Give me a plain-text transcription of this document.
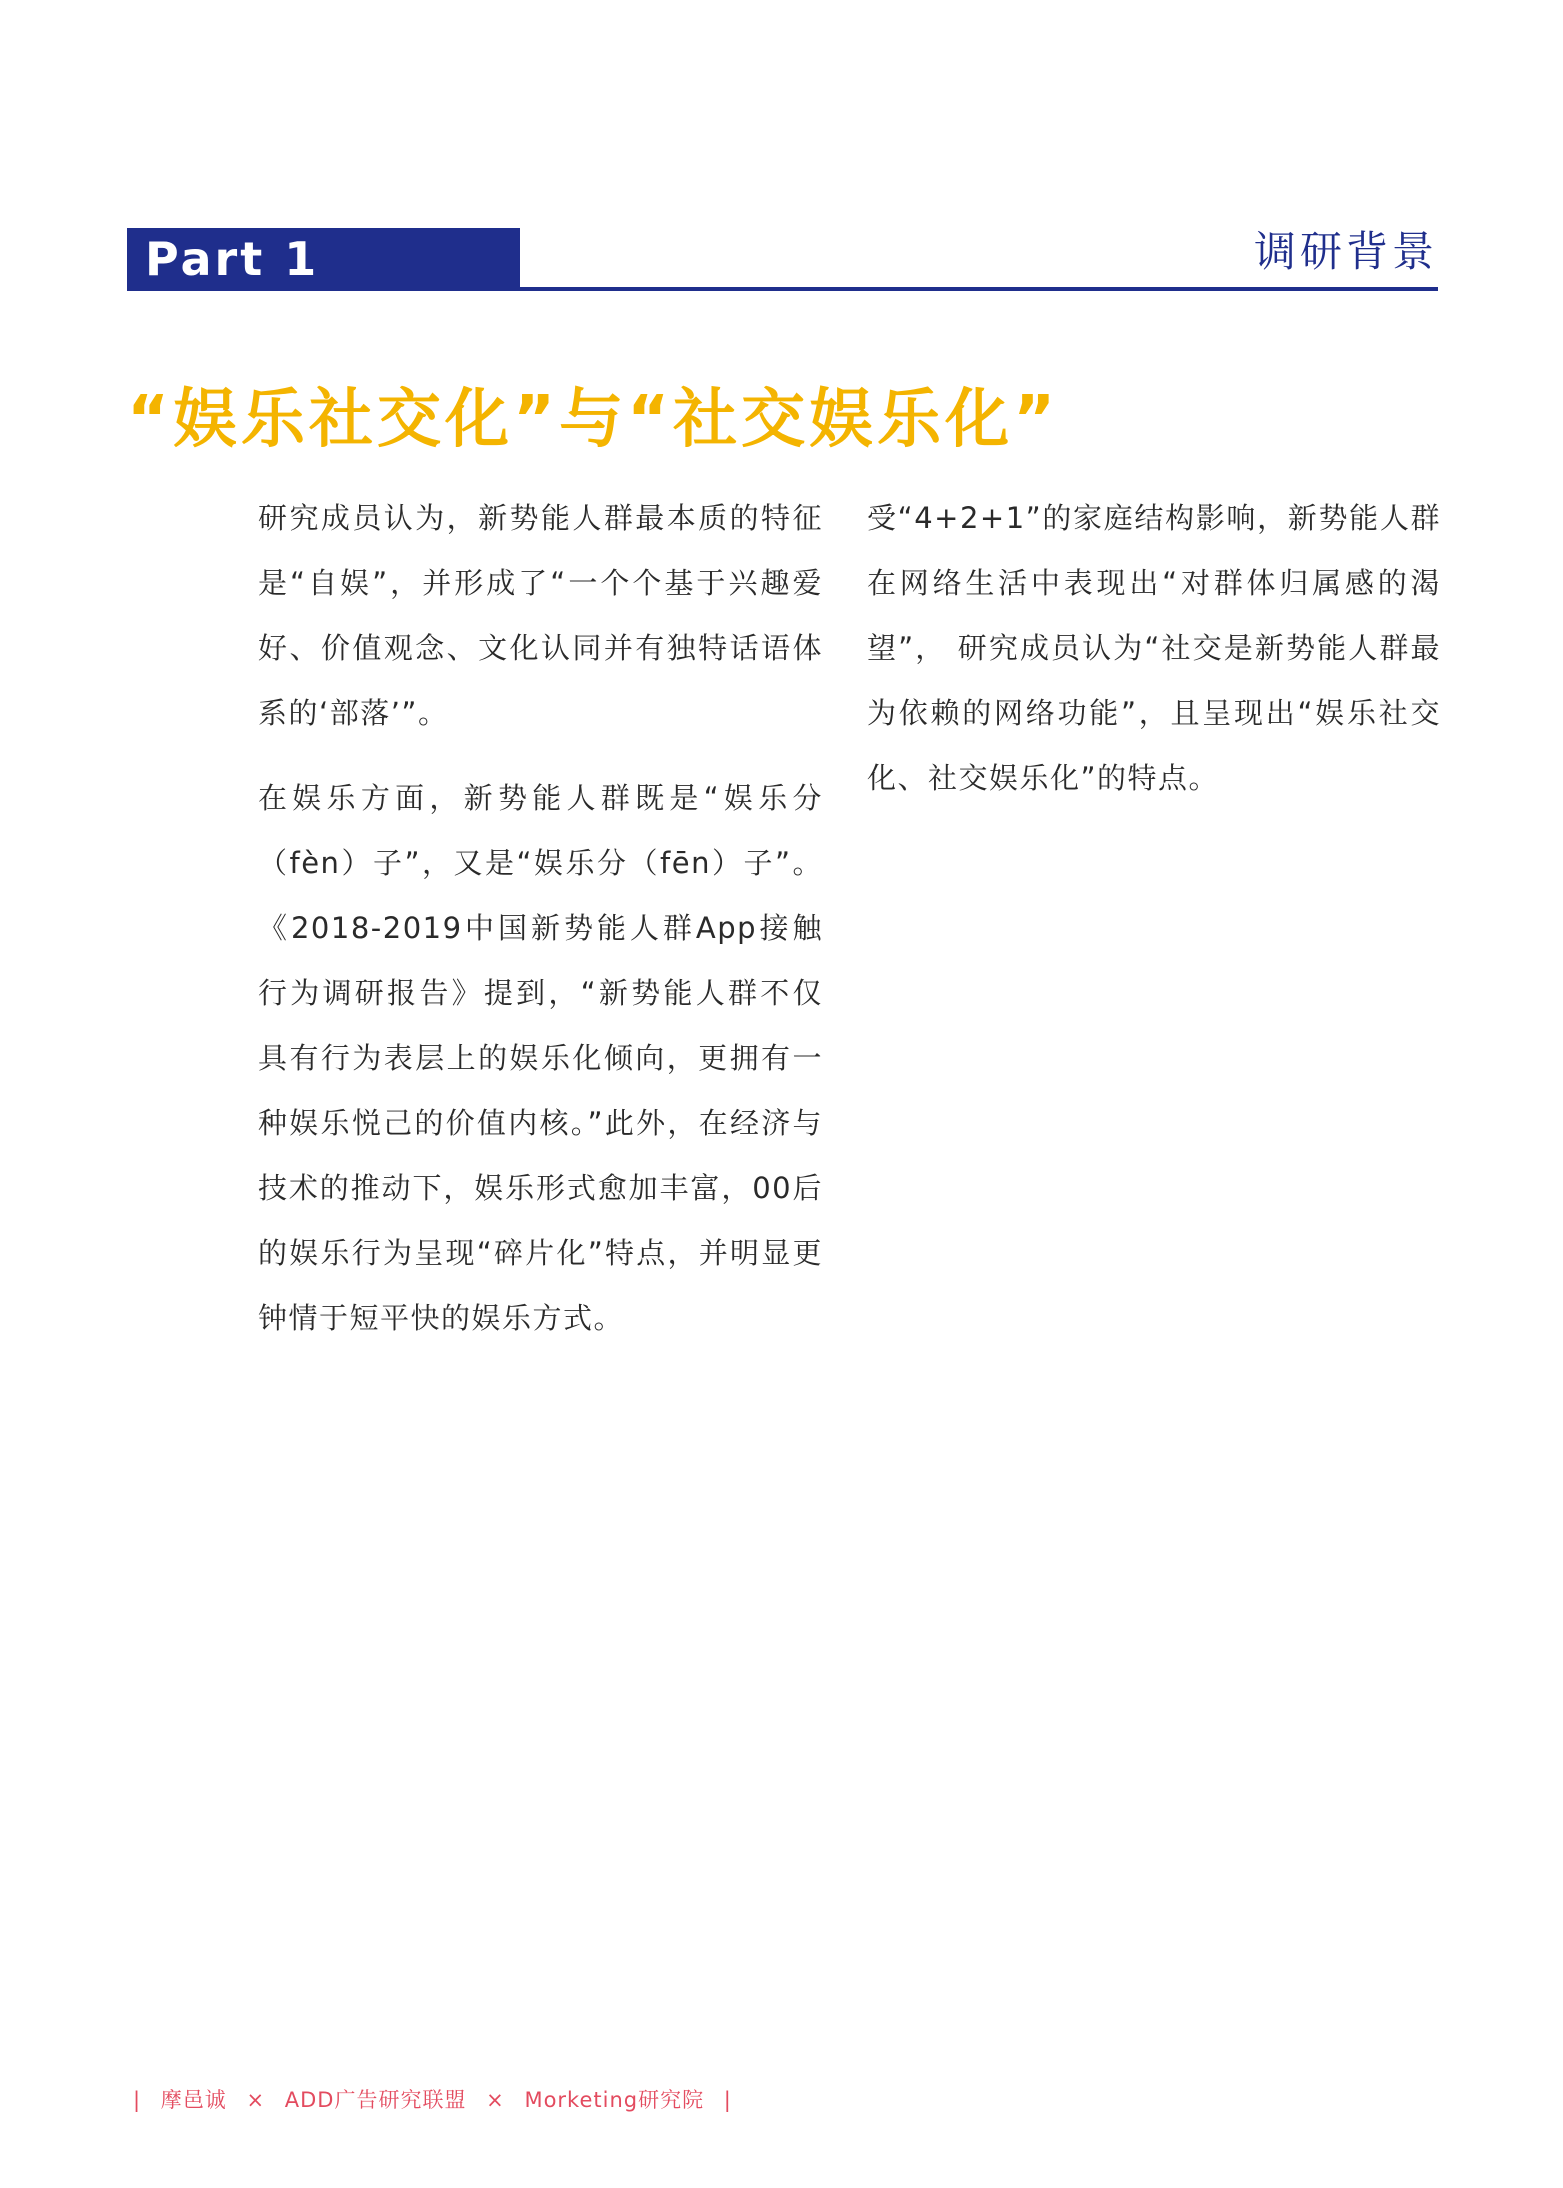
Part 1	调研背景
“娱乐社交化”与“社交娱乐化”

研究成员认为，新势能人群最本质的特征是“自娱”，并形成了“一个个基于兴趣爱好、价值观念、文化认同并有独特话语体系的‘部落’”。

在娱乐方面，新势能人群既是“娱乐分（fèn）子”，又是“娱乐分（fēn）子”。《2018-2019中国新势能人群App接触行为调研报告》提到，“新势能人群不仅具有行为表层上的娱乐化倾向，更拥有一种娱乐悦己的价值内核。”此外，在经济与技术的推动下，娱乐形式愈加丰富，00后的娱乐行为呈现“碎片化”特点，并明显更钟情于短平快的娱乐方式。

受“4+2+1”的家庭结构影响，新势能人群在网络生活中表现出“对群体归属感的渴望”， 研究成员认为“社交是新势能人群最为依赖的网络功能”，且呈现出“娱乐社交化、社交娱乐化”的特点。

| 摩邑诚 × ADD广告研究联盟 × Morketing研究院 |
